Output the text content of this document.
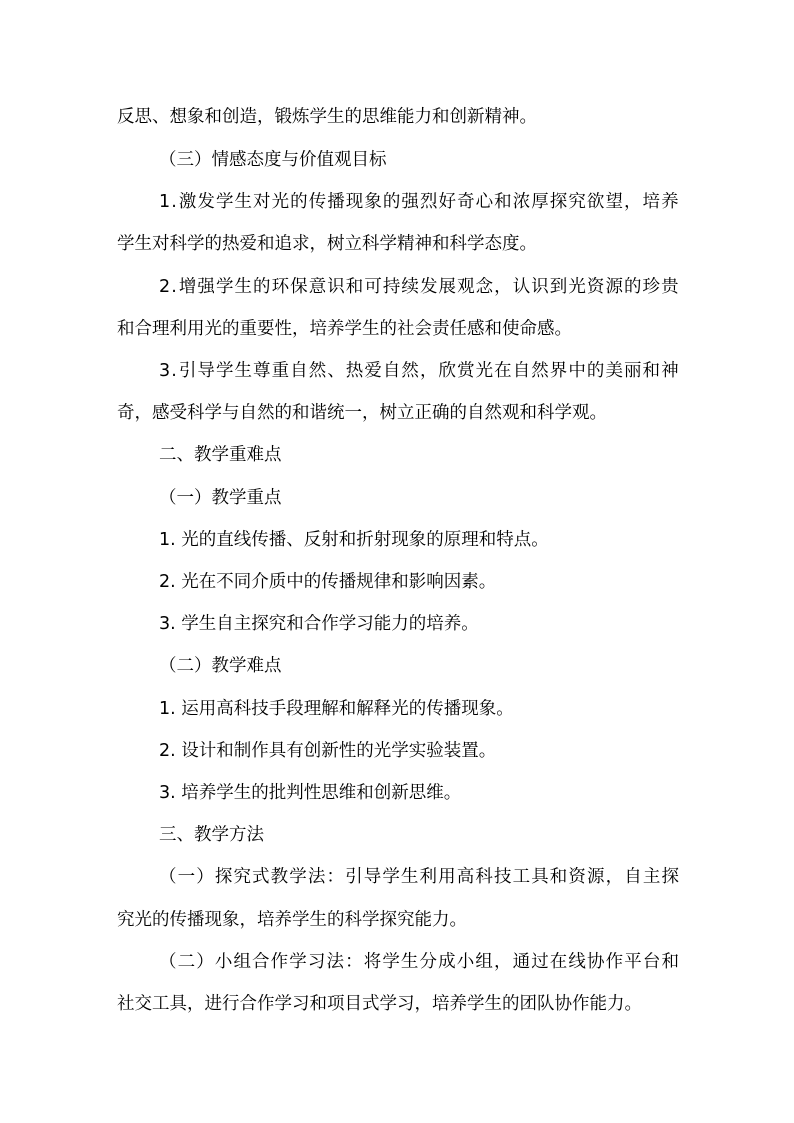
反思、想象和创造，锻炼学生的思维能力和创新精神。
（三）情感态度与价值观目标
1 . 激 发 学 生 对 光 的 传 播 现 象 的 强 烈 好 奇 心 和 浓 厚 探 究 欲 望 ， 培 养
学生对科学的热爱和追求，树立科学精神和科学态度。
2 . 增 强 学 生 的 环 保 意 识 和 可 持 续 发 展 观 念 ， 认 识 到 光 资 源 的 珍 贵
和合理利用光的重要性，培养学生的社会责任感和使命感。
3 . 引 导 学 生 尊 重 自 然 、 热 爱 自 然 ， 欣 赏 光 在 自 然 界 中 的 美 丽 和 神
奇，感受科学与自然的和谐统一，树立正确的自然观和科学观。
二、教学重难点
（一）教学重点
1. 光的直线传播、反射和折射现象的原理和特点。
2. 光在不同介质中的传播规律和影响因素。
3. 学生自主探究和合作学习能力的培养。
（二）教学难点
1. 运用高科技手段理解和解释光的传播现象。
2. 设计和制作具有创新性的光学实验装置。
3. 培养学生的批判性思维和创新思维。
三、教学方法
（ 一 ） 探 究 式 教 学 法 ： 引 导 学 生 利 用 高 科 技 工 具 和 资 源 ， 自 主 探
究光的传播现象，培养学生的科学探究能力。
（ 二 ） 小 组 合 作 学 习 法 ： 将 学 生 分 成 小 组 ， 通 过 在 线 协 作 平 台 和
社交工具，进行合作学习和项目式学习，培养学生的团队协作能力。
